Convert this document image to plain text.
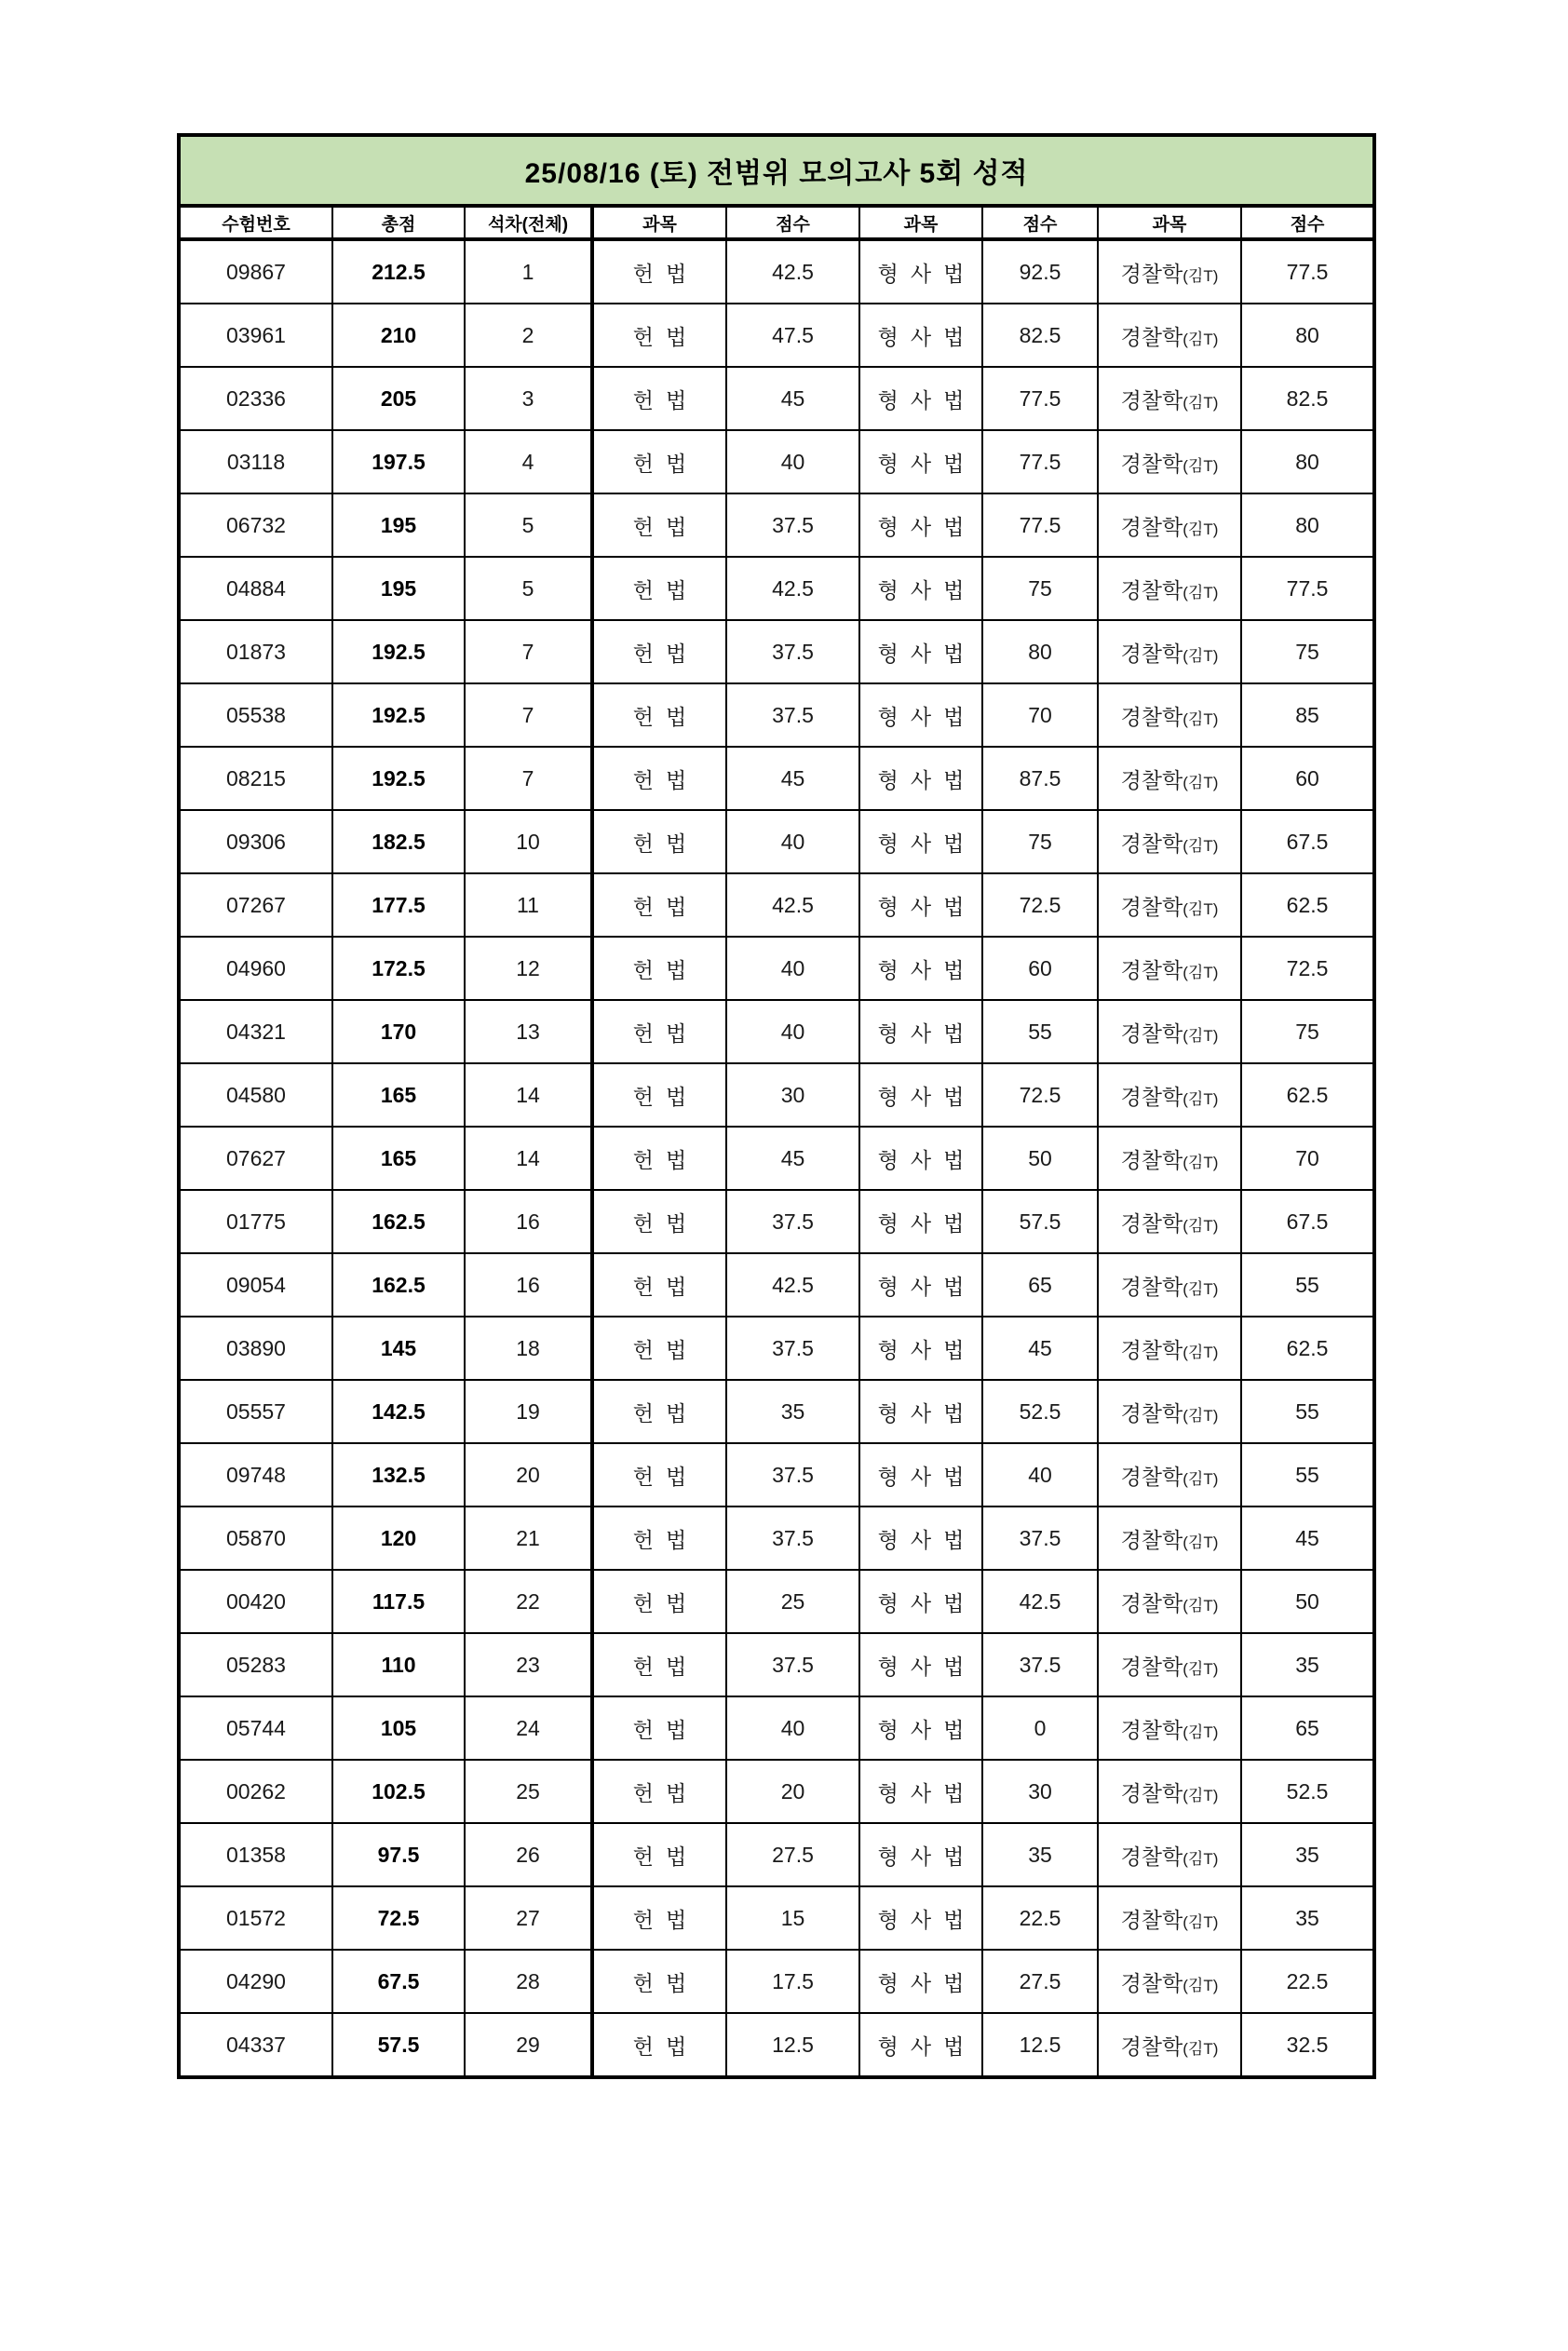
25/08/16 (토) 전범위 모의고사 5회 성적								
수험번호	총점	석차(전체)	과목	점수	과목	점수	과목	점수
09867	212.5	1	헌법	42.5	형사법	92.5	경찰학(김T)	77.5
03961	210	2	헌법	47.5	형사법	82.5	경찰학(김T)	80
02336	205	3	헌법	45	형사법	77.5	경찰학(김T)	82.5
03118	197.5	4	헌법	40	형사법	77.5	경찰학(김T)	80
06732	195	5	헌법	37.5	형사법	77.5	경찰학(김T)	80
04884	195	5	헌법	42.5	형사법	75	경찰학(김T)	77.5
01873	192.5	7	헌법	37.5	형사법	80	경찰학(김T)	75
05538	192.5	7	헌법	37.5	형사법	70	경찰학(김T)	85
08215	192.5	7	헌법	45	형사법	87.5	경찰학(김T)	60
09306	182.5	10	헌법	40	형사법	75	경찰학(김T)	67.5
07267	177.5	11	헌법	42.5	형사법	72.5	경찰학(김T)	62.5
04960	172.5	12	헌법	40	형사법	60	경찰학(김T)	72.5
04321	170	13	헌법	40	형사법	55	경찰학(김T)	75
04580	165	14	헌법	30	형사법	72.5	경찰학(김T)	62.5
07627	165	14	헌법	45	형사법	50	경찰학(김T)	70
01775	162.5	16	헌법	37.5	형사법	57.5	경찰학(김T)	67.5
09054	162.5	16	헌법	42.5	형사법	65	경찰학(김T)	55
03890	145	18	헌법	37.5	형사법	45	경찰학(김T)	62.5
05557	142.5	19	헌법	35	형사법	52.5	경찰학(김T)	55
09748	132.5	20	헌법	37.5	형사법	40	경찰학(김T)	55
05870	120	21	헌법	37.5	형사법	37.5	경찰학(김T)	45
00420	117.5	22	헌법	25	형사법	42.5	경찰학(김T)	50
05283	110	23	헌법	37.5	형사법	37.5	경찰학(김T)	35
05744	105	24	헌법	40	형사법	0	경찰학(김T)	65
00262	102.5	25	헌법	20	형사법	30	경찰학(김T)	52.5
01358	97.5	26	헌법	27.5	형사법	35	경찰학(김T)	35
01572	72.5	27	헌법	15	형사법	22.5	경찰학(김T)	35
04290	67.5	28	헌법	17.5	형사법	27.5	경찰학(김T)	22.5
04337	57.5	29	헌법	12.5	형사법	12.5	경찰학(김T)	32.5
